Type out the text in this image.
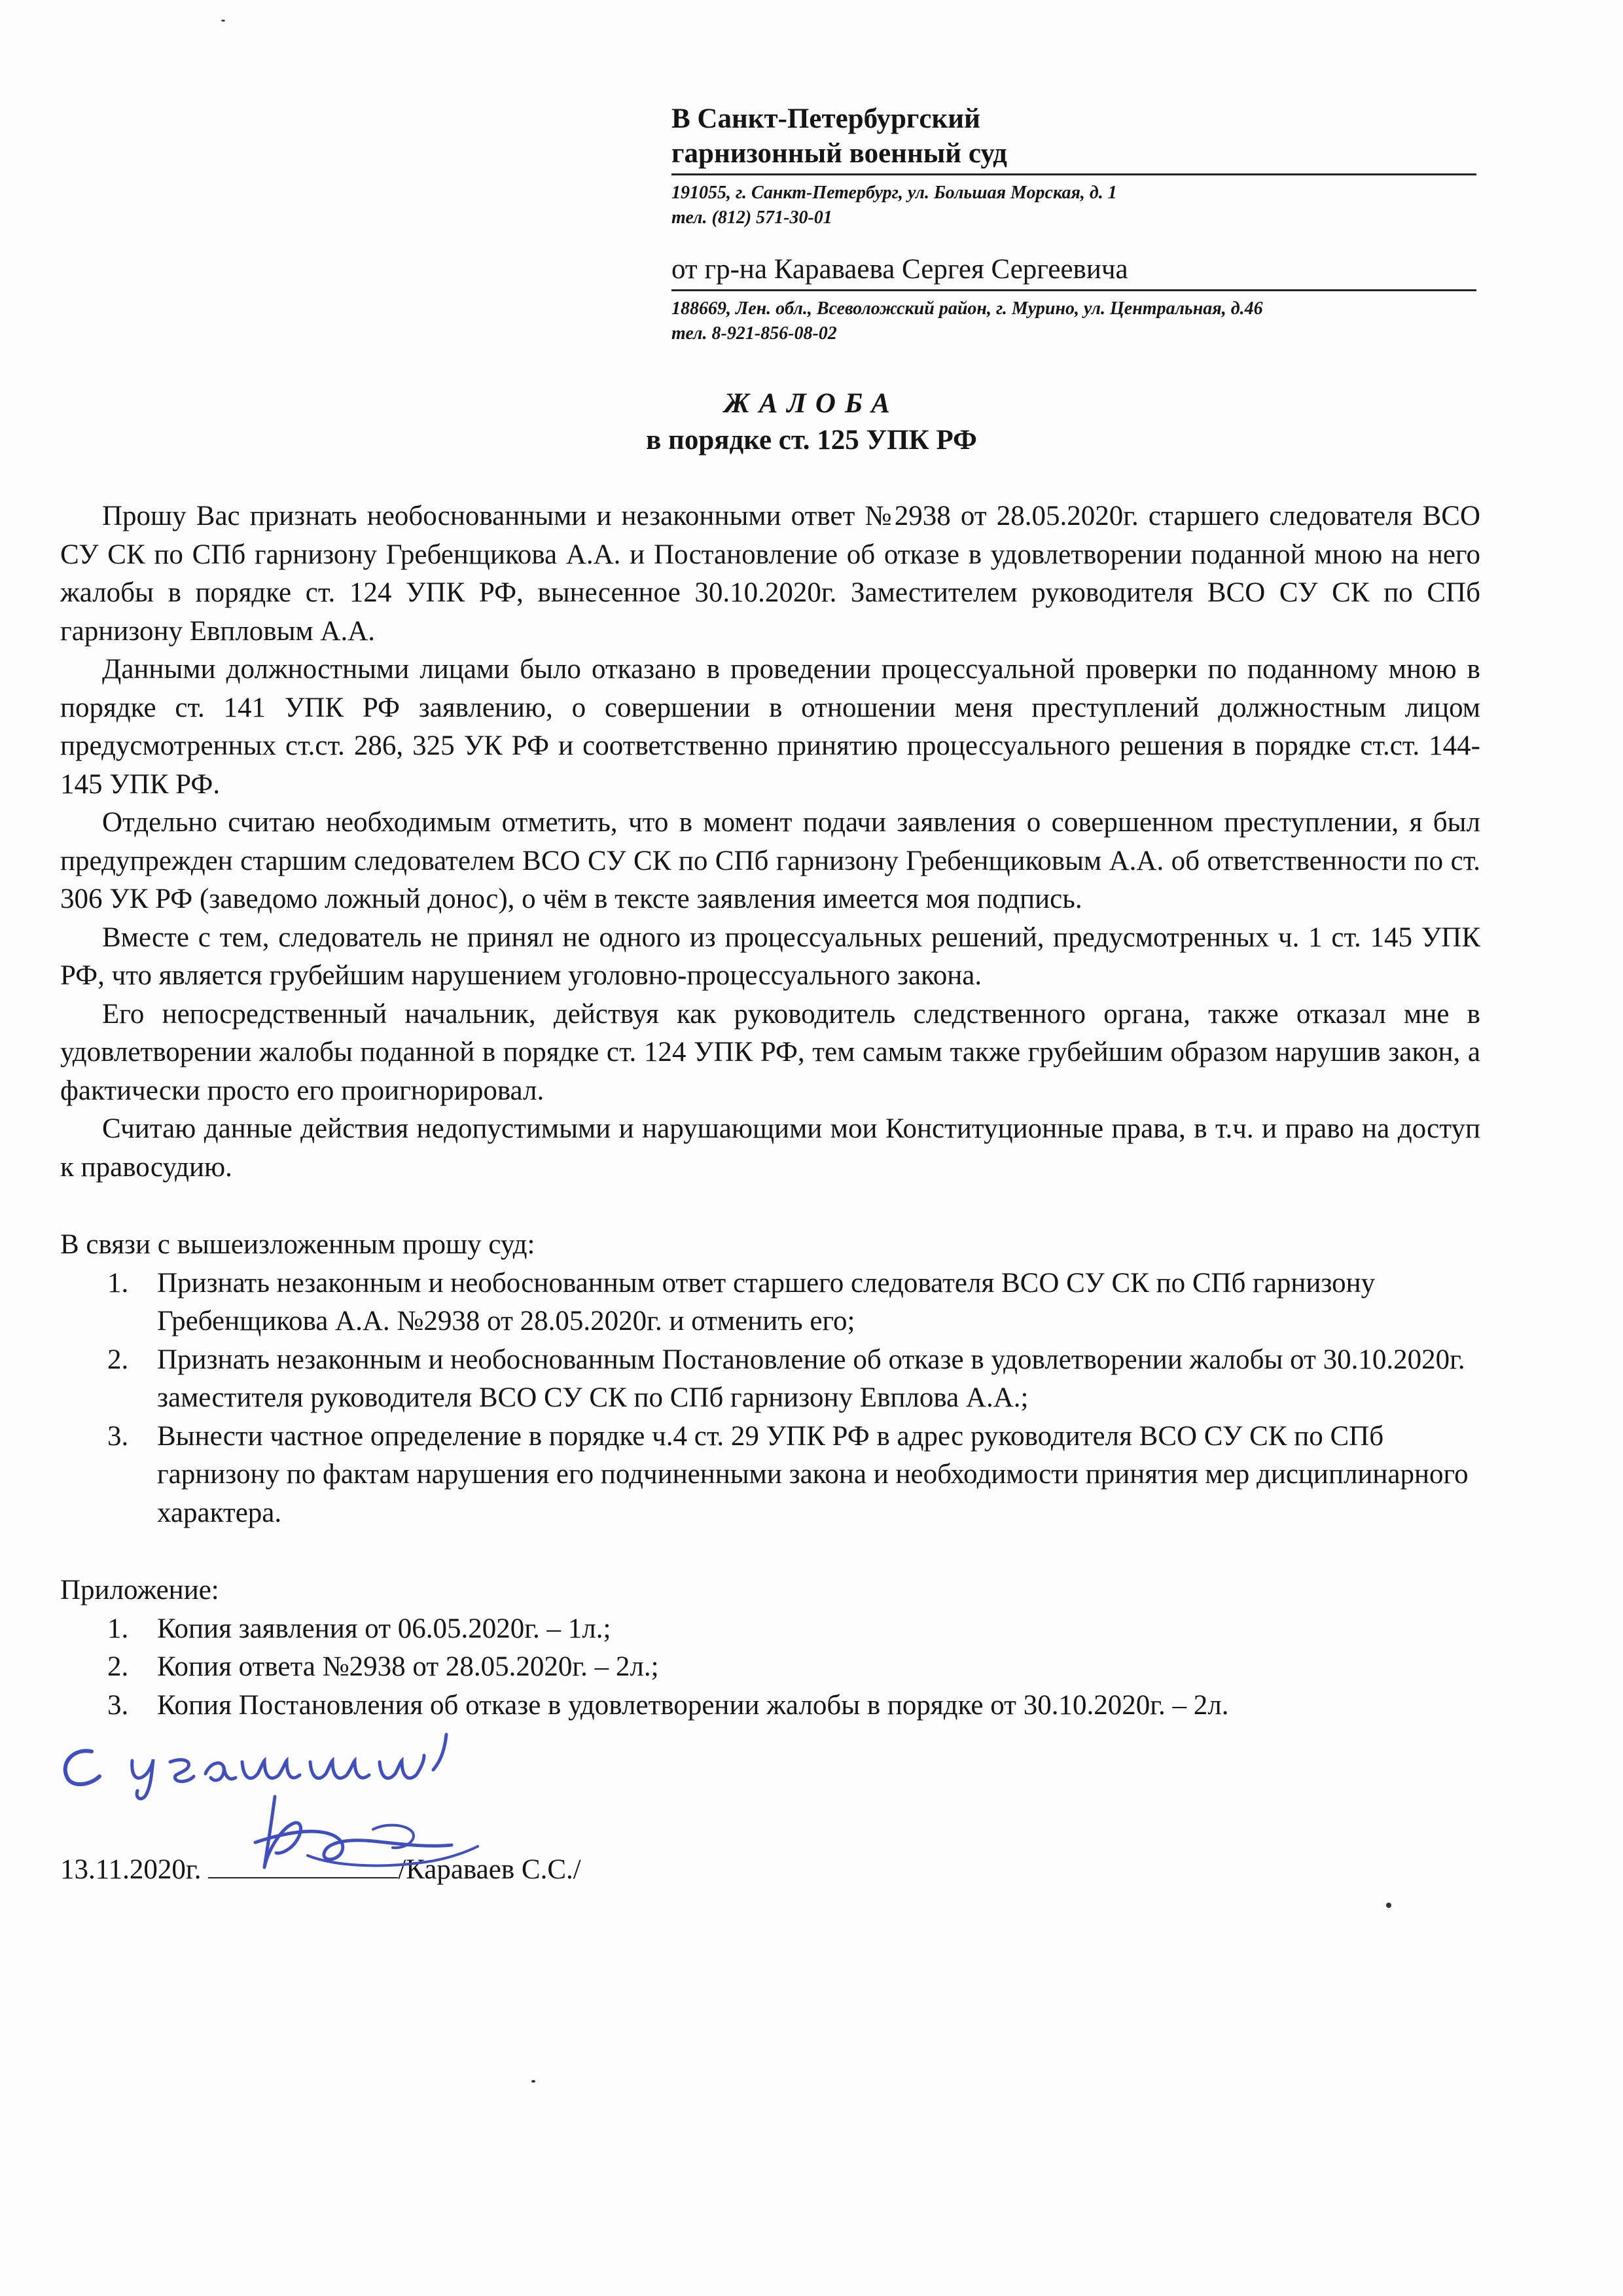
В Санкт-Петербургский
гарнизонный военный суд
191055, г. Санкт-Петербург, ул. Большая Морская, д. 1
тел. (812) 571-30-01
от гр-на Караваева Сергея Сергеевича
188669, Лен. обл., Всеволожский район, г. Мурино, ул. Центральная, д.46
тел. 8-921-856-08-02
ЖАЛОБА
в порядке ст. 125 УПК РФ

Прошу Вас признать необоснованными и незаконными ответ №2938 от 28.05.2020г. старшего следователя ВСО СУ СК по СПб гарнизону Гребенщикова А.А. и Постановление об отказе в удовлетворении поданной мною на него жалобы в порядке ст. 124 УПК РФ, вынесенное 30.10.2020г. Заместителем руководителя ВСО СУ СК по СПб гарнизону Евпловым А.А.

Данными должностными лицами было отказано в проведении процессуальной проверки по поданному мною в порядке ст. 141 УПК РФ заявлению, о совершении в отношении меня преступлений должностным лицом предусмотренных ст.ст. 286, 325 УК РФ и соответственно принятию процессуального решения в порядке ст.ст. 144-145 УПК РФ.

Отдельно считаю необходимым отметить, что в момент подачи заявления о совершенном преступлении, я был предупрежден старшим следователем ВСО СУ СК по СПб гарнизону Гребенщиковым А.А. об ответственности по ст. 306 УК РФ (заведомо ложный донос), о чём в тексте заявления имеется моя подпись.

Вместе с тем, следователь не принял не одного из процессуальных решений, предусмотренных ч. 1 ст. 145 УПК РФ, что является грубейшим нарушением уголовно-процессуального закона.

Его непосредственный начальник, действуя как руководитель следственного органа, также отказал мне в удовлетворении жалобы поданной в порядке ст. 124 УПК РФ, тем самым также грубейшим образом нарушив закон, а фактически просто его проигнорировал.

Считаю данные действия недопустимыми и нарушающими мои Конституционные права, в т.ч. и право на доступ к правосудию.

В связи с вышеизложенным прошу суд:

1. Признать незаконным и необоснованным ответ старшего следователя ВСО СУ СК по СПб гарнизону Гребенщикова А.А. №2938 от 28.05.2020г. и отменить его;
2. Признать незаконным и необоснованным Постановление об отказе в удовлетворении жалобы от 30.10.2020г. заместителя руководителя ВСО СУ СК по СПб гарнизону Евплова А.А.;
3. Вынести частное определение в порядке ч.4 ст. 29 УПК РФ в адрес руководителя ВСО СУ СК по СПб гарнизону по фактам нарушения его подчиненными закона и необходимости принятия мер дисциплинарного характера.

Приложение:

1. Копия заявления от 06.05.2020г. – 1л.;
2. Копия ответа №2938 от 28.05.2020г. – 2л.;
3. Копия Постановления об отказе в удовлетворении жалобы в порядке от 30.10.2020г. – 2л.
13.11.2020г.	/Караваев С.С./
